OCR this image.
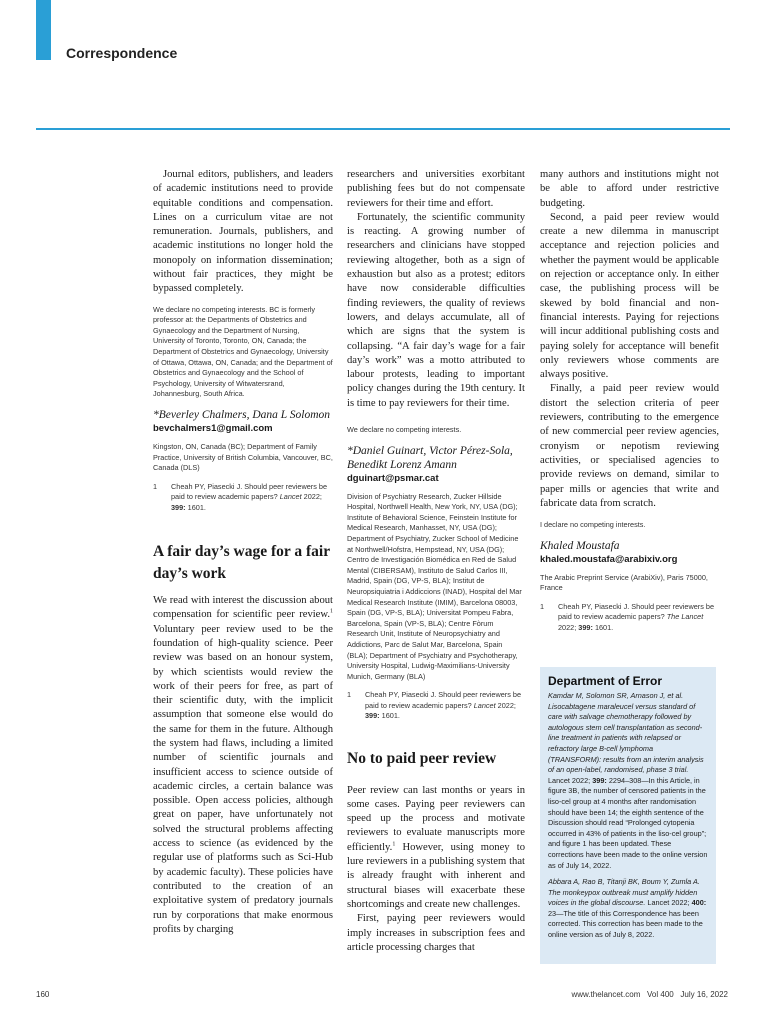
Correspondence

Journal editors, publishers, and leaders of academic institutions need to provide equitable conditions and compensation. Lines on a curriculum vitae are not remuneration. Journals, publishers, and academic institutions no longer hold the monopoly on information dissemination; without fair practices, they might be bypassed completely.

We declare no competing interests. BC is formerly professor at: the Departments of Obstetrics and Gynaecology and the Department of Nursing, University of Toronto, Toronto, ON, Canada; the Department of Obstetrics and Gynaecology, University of Ottawa, Ottawa, ON, Canada; and the Department of Obstetrics and Gynaecology and the School of Psychology, University of Witwatersrand, Johannesburg, South Africa.

*Beverley Chalmers, Dana L Solomon

bevchalmers1@gmail.com

Kingston, ON, Canada (BC); Department of Family Practice, University of British Columbia, Vancouver, BC, Canada (DLS)

1	Cheah PY, Piasecki J. Should peer reviewers be paid to review academic papers? Lancet 2022; 399: 1601.
A fair day’s wage for a fair day’s work

We read with interest the discussion about compensation for scientific peer review.$^1$ Voluntary peer review used to be the foundation of high-quality science. Peer review was based on an honour system, by which scientists would review the work of their peers for free, as part of their scientific duty, with the implicit assumption that someone else would do the same for them in the future. Although the system had flaws, including a limited number of scientific journals and insufficient access to science outside of academic circles, a certain balance was possible. Open access policies, although great on paper, have unfortunately not solved the structural problems affecting access to science (as evidenced by the regular use of platforms such as Sci-Hub by academic faculty). These policies have contributed to the creation of an exploitative system of predatory journals run by corporations that make enormous profits by charging

researchers and universities exorbitant publishing fees but do not compensate reviewers for their time and effort.

Fortunately, the scientific community is reacting. A growing number of researchers and clinicians have stopped reviewing altogether, both as a sign of exhaustion but also as a protest; editors have now considerable difficulties finding reviewers, the quality of reviews lowers, and delays accumulate, all of which are signs that the system is collapsing. “A fair day’s wage for a fair day’s work” was a motto attributed to labour protests, leading to important policy changes during the 19th century. It is time to pay reviewers for their time.

We declare no competing interests.

*Daniel Guinart, Victor Pérez-Sola, Benedikt Lorenz Amann

dguinart@psmar.cat

Division of Psychiatry Research, Zucker Hillside Hospital, Northwell Health, New York, NY, USA (DG); Institute of Behavioral Science, Feinstein Institute for Medical Research, Manhasset, NY, USA (DG); Department of Psychiatry, Zucker School of Medicine at Northwell/Hofstra, Hempstead, NY, USA (DG); Centro de Investigación Biomédica en Red de Salud Mental (CIBERSAM), Instituto de Salud Carlos III, Madrid, Spain (DG, VP-S, BLA); Institut de Neuropsiquiatria i Addiccions (INAD), Hospital del Mar Medical Research Institute (IMIM), Barcelona 08003, Spain (DG, VP-S, BLA); Universitat Pompeu Fabra, Barcelona, Spain (VP-S, BLA); Centre Fòrum Research Unit, Institute of Neuropsychiatry and Addictions, Parc de Salut Mar, Barcelona, Spain (BLA); Department of Psychiatry and Psychotherapy, University Hospital, Ludwig-Maximilians-University Munich, Germany (BLA)

1	Cheah PY, Piasecki J. Should peer reviewers be paid to review academic papers? Lancet 2022; 399: 1601.
No to paid peer review

Peer review can last months or years in some cases. Paying peer reviewers can speed up the process and motivate reviewers to evaluate manuscripts more efficiently.$^1$ However, using money to lure reviewers in a publishing system that is already fraught with inherent and structural biases will exacerbate these shortcomings and create new challenges.

First, paying peer reviewers would imply increases in subscription fees and article processing charges that

many authors and institutions might not be able to afford under restrictive budgeting.

Second, a paid peer review would create a new dilemma in manuscript acceptance and rejection policies and whether the payment would be applicable on rejection or acceptance only. In either case, the publishing process will be skewed by bold financial and non-financial interests. Paying for rejections will incur additional publishing costs and paying solely for acceptance will benefit only reviewers whose comments are always positive.

Finally, a paid peer review would distort the selection criteria of peer reviewers, contributing to the emergence of new commercial peer review agencies, cronyism or nepotism reviewing activities, or specialised agencies to provide reviews on demand, similar to paper mills or agencies that write and fabricate data from scratch.

I declare no competing interests.

Khaled Moustafa

khaled.moustafa@arabixiv.org

The Arabic Preprint Service (ArabiXiv), Paris 75000, France

1	Cheah PY, Piasecki J. Should peer reviewers be paid to review academic papers? The Lancet 2022; 399: 1601.

Department of Error

Kamdar M, Solomon SR, Arnason J, et al. Lisocabtagene maraleucel versus standard of care with salvage chemotherapy followed by autologous stem cell transplantation as second-line treatment in patients with relapsed or refractory large B-cell lymphoma (TRANSFORM): results from an interim analysis of an open-label, randomised, phase 3 trial. Lancet 2022; 399: 2294–308—In this Article, in figure 3B, the number of censored patients in the liso-cel group at 4 months after randomisation should have been 14; the eighth sentence of the Discussion should read “Prolonged cytopenia occurred in 43% of patients in the liso-cel group”; and figure 1 has been updated. These corrections have been made to the online version as of July 14, 2022.

Abbara A, Rao B, Titanji BK, Boum Y, Zumla A. The monkeypox outbreak must amplify hidden voices in the global discourse. Lancet 2022; 400: 23—The title of this Correspondence has been corrected. This correction has been made to the online version as of July 8, 2022.

160	www.thelancet.com Vol 400 July 16, 2022
